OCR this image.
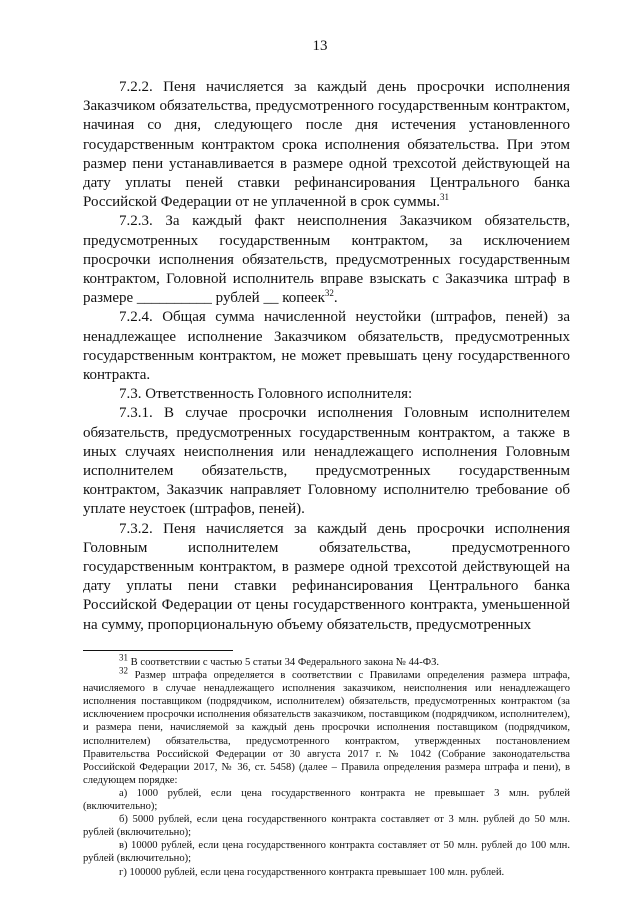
13

7.2.2. Пеня начисляется за каждый день просрочки исполнения Заказчиком обязательства, предусмотренного государственным контрактом, начиная со дня, следующего после дня истечения установленного государственным контрактом срока исполнения обязательства. При этом размер пени устанавливается в размере одной трехсотой действующей на дату уплаты пеней ставки рефинансирования Центрального банка Российской Федерации от не уплаченной в срок суммы.$^{31}$

7.2.3. За каждый факт неисполнения Заказчиком обязательств, предусмотренных государственным контрактом, за исключением просрочки исполнения обязательств, предусмотренных государственным контрактом, Головной исполнитель вправе взыскать с Заказчика штраф в размере __________ рублей __ копеек$^{32}$.

7.2.4. Общая сумма начисленной неустойки (штрафов, пеней) за ненадлежащее исполнение Заказчиком обязательств, предусмотренных государственным контрактом, не может превышать цену государственного контракта.

7.3. Ответственность Головного исполнителя:

7.3.1. В случае просрочки исполнения Головным исполнителем обязательств, предусмотренных государственным контрактом, а также в иных случаях неисполнения или ненадлежащего исполнения Головным исполнителем обязательств, предусмотренных государственным контрактом, Заказчик направляет Головному исполнителю требование об уплате неустоек (штрафов, пеней).

7.3.2. Пеня начисляется за каждый день просрочки исполнения Головным исполнителем обязательства, предусмотренного государственным контрактом, в размере одной трехсотой действующей на дату уплаты пени ставки рефинансирования Центрального банка Российской Федерации от цены государственного контракта, уменьшенной на сумму, пропорциональную объему обязательств, предусмотренных

$^{31}$ В соответствии с частью 5 статьи 34 Федерального закона № 44-ФЗ.

$^{32}$ Размер штрафа определяется в соответствии с Правилами определения размера штрафа, начисляемого в случае ненадлежащего исполнения заказчиком, неисполнения или ненадлежащего исполнения поставщиком (подрядчиком, исполнителем) обязательств, предусмотренных контрактом (за исключением просрочки исполнения обязательств заказчиком, поставщиком (подрядчиком, исполнителем), и размера пени, начисляемой за каждый день просрочки исполнения поставщиком (подрядчиком, исполнителем) обязательства, предусмотренного контрактом, утвержденных постановлением Правительства Российской Федерации от 30 августа 2017 г. № 1042 (Собрание законодательства Российской Федерации 2017, № 36, ст. 5458) (далее – Правила определения размера штрафа и пени), в следующем порядке:

а) 1000 рублей, если цена государственного контракта не превышает 3 млн. рублей (включительно);

б) 5000 рублей, если цена государственного контракта составляет от 3 млн. рублей до 50 млн. рублей (включительно);

в) 10000 рублей, если цена государственного контракта составляет от 50 млн. рублей до 100 млн. рублей (включительно);

г) 100000 рублей, если цена государственного контракта превышает 100 млн. рублей.
